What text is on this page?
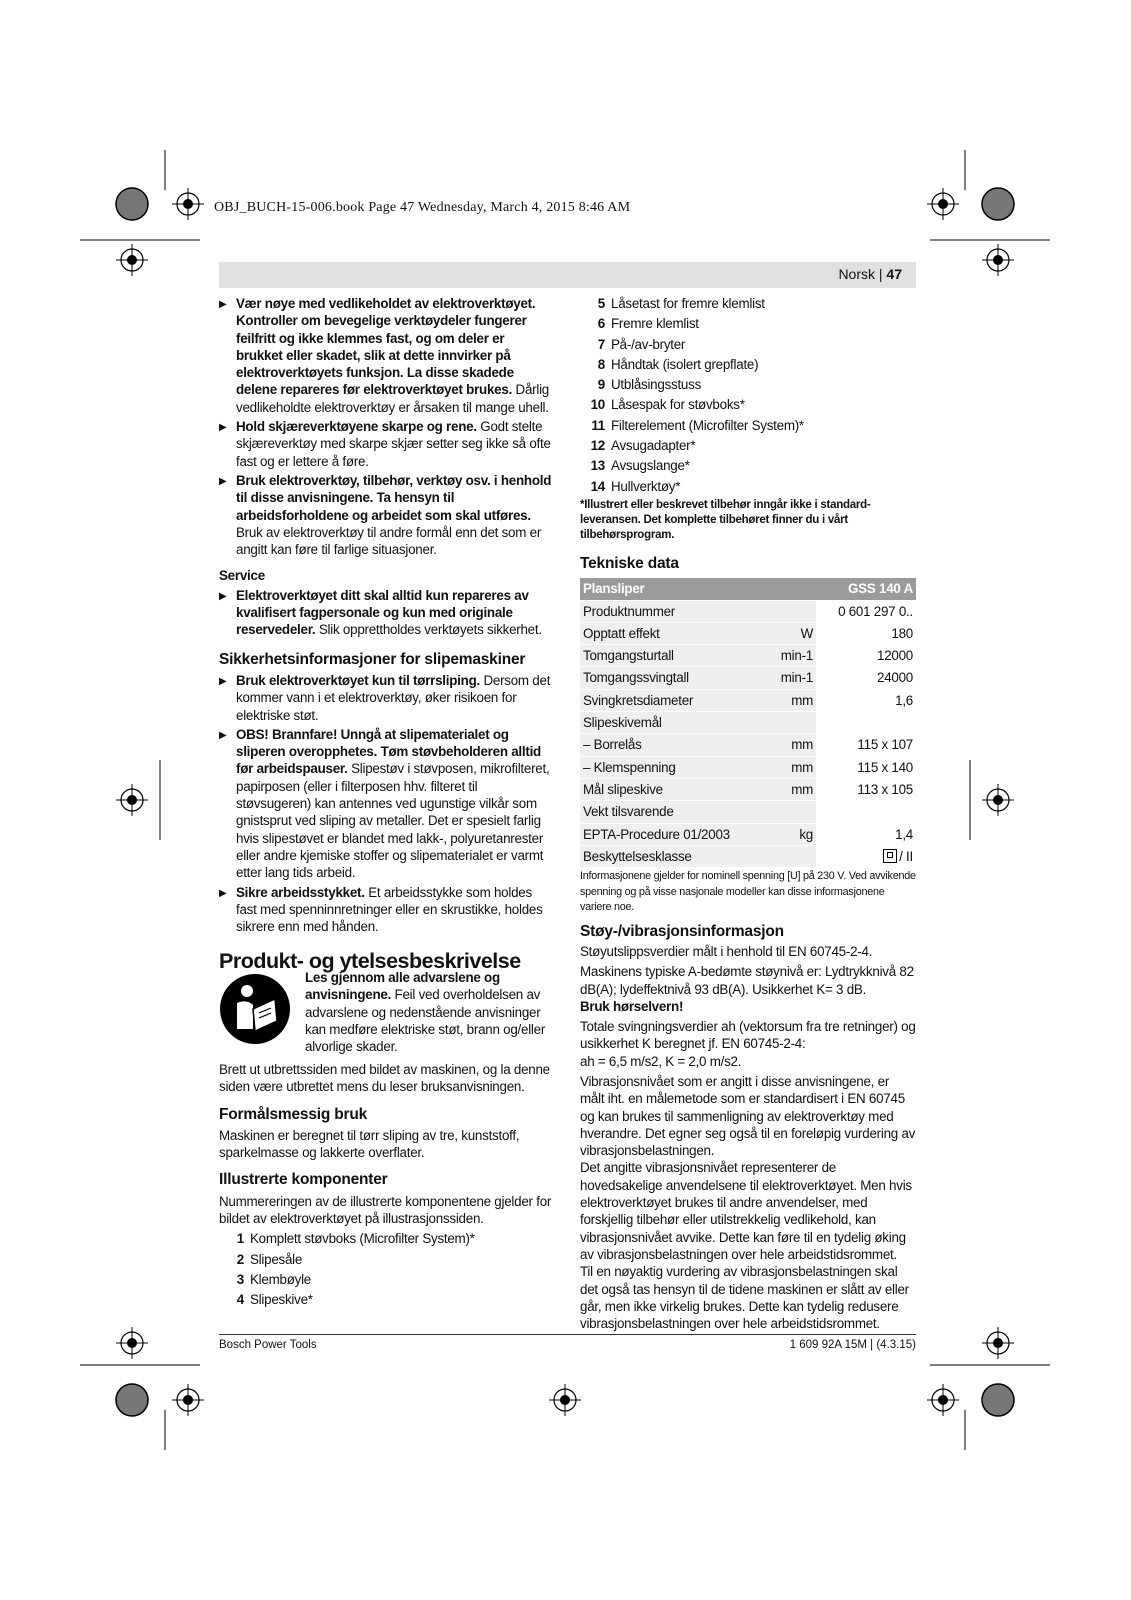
OBJ_BUCH-15-006.book Page 47 Wednesday, March 4, 2015 8:46 AM
Norsk | 47

▶ Vær nøye med vedlikeholdet av elektroverktøyet. Kontroller om bevegelige verktøydeler fungerer feilfritt og ikke klemmes fast, og om deler er brukket eller skadet, slik at dette innvirker på elektroverktøyets funksjon. La disse skadede delene repareres før elektroverktøyet brukes. Dårlig vedlikeholdte elektroverktøy er årsaken til mange uhell.

▶ Hold skjæreverktøyene skarpe og rene. Godt stelte skjæreverktøy med skarpe skjær setter seg ikke så ofte fast og er lettere å føre.

▶ Bruk elektroverktøy, tilbehør, verktøy osv. i henhold til disse anvisningene. Ta hensyn til arbeidsforholdene og arbeidet som skal utføres. Bruk av elektroverktøy til andre formål enn det som er angitt kan føre til farlige situasjoner.

Service

▶ Elektroverktøyet ditt skal alltid kun repareres av kvalifisert fagpersonale og kun med originale reservedeler. Slik opprettholdes verktøyets sikkerhet.

Sikkerhetsinformasjoner for slipemaskiner

▶ Bruk elektroverktøyet kun til tørrsliping. Dersom det kommer vann i et elektroverktøy, øker risikoen for elektriske støt.

▶ OBS! Brannfare! Unngå at slipematerialet og sliperen overopphetes. Tøm støvbeholderen alltid før arbeidspauser. Slipestøv i støvposen, mikrofilteret, papirposen (eller i filterposen hhv. filteret til støvsugeren) kan antennes ved ugunstige vilkår som gnistsprut ved sliping av metaller. Det er spesielt farlig hvis slipestøvet er blandet med lakk-, polyuretanrester eller andre kjemiske stoffer og slipematerialet er varmt etter lang tids arbeid.

▶ Sikre arbeidsstykket. Et arbeidsstykke som holdes fast med spenninnretninger eller en skrustikke, holdes sikrere enn med hånden.

Produkt- og ytelsesbeskrivelse

Les gjennom alle advarslene og anvisningene. Feil ved overholdelsen av advarslene og nedenstående anvisninger kan medføre elektriske støt, brann og/eller alvorlige skader.

Brett ut utbrettssiden med bildet av maskinen, og la denne siden være utbrettet mens du leser bruksanvisningen.

Formålsmessig bruk

Maskinen er beregnet til tørr sliping av tre, kunststoff, sparkelmasse og lakkerte overflater.

Illustrerte komponenter

Nummereringen av de illustrerte komponentene gjelder for bildet av elektroverktøyet på illustrasjonssiden.

1 Komplett støvboks (Microfilter System)*
2 Slipesåle
3 Klembøyle
4 Slipeskive*
5 Låsetast for fremre klemlist
6 Fremre klemlist
7 På-/av-bryter
8 Håndtak (isolert grepflate)
9 Utblåsingsstuss
10 Låsespak for støvboks*
11 Filterelement (Microfilter System)*
12 Avsugadapter*
13 Avsugslange*
14 Hullverktøy*

*Illustrert eller beskrevet tilbehør inngår ikke i standard-leveransen. Det komplette tilbehøret finner du i vårt tilbehørsprogram.

Tekniske data
Plansliper	GSS 140 A	
Produktnummer		0 601 297 0..
Opptatt effekt	W	180
Tomgangsturtall	min-1	12000
Tomgangssvingtall	min-1	24000
Svingkretsdiameter	mm	1,6
Slipeskivemål		
– Borrelås	mm	115 x 107
– Klemspenning	mm	115 x 140
Mål slipeskive	mm	113 x 105
Vekt tilsvarende		
EPTA-Procedure 01/2003	kg	1,4
Beskyttelsesklasse		/ II

Informasjonene gjelder for nominell spenning [U] på 230 V. Ved avvikende spenning og på visse nasjonale modeller kan disse informasjonene variere noe.

Støy-/vibrasjonsinformasjon

Støyutslippsverdier målt i henhold til EN 60745-2-4.

Maskinens typiske A-bedømte støynivå er: Lydtrykknivå 82 dB(A); lydeffektnivå 93 dB(A). Usikkerhet K= 3 dB.

Bruk hørselvern!

Totale svingningsverdier ah (vektorsum fra tre retninger) og usikkerhet K beregnet jf. EN 60745-2-4:

ah = 6,5 m/s2, K = 2,0 m/s2.

Vibrasjonsnivået som er angitt i disse anvisningene, er målt iht. en målemetode som er standardisert i EN 60745 og kan brukes til sammenligning av elektroverktøy med hverandre. Det egner seg også til en foreløpig vurdering av vibrasjonsbelastningen.

Det angitte vibrasjonsnivået representerer de hovedsakelige anvendelsene til elektroverktøyet. Men hvis elektroverktøyet brukes til andre anvendelser, med forskjellig tilbehør eller utilstrekkelig vedlikehold, kan vibrasjonsnivået avvike. Dette kan føre til en tydelig øking av vibrasjonsbelastningen over hele arbeidstidsrommet.

Til en nøyaktig vurdering av vibrasjonsbelastningen skal det også tas hensyn til de tidene maskinen er slått av eller går, men ikke virkelig brukes. Dette kan tydelig redusere vibrasjonsbelastningen over hele arbeidstidsrommet.

Bosch Power Tools	1 609 92A 15M | (4.3.15)
